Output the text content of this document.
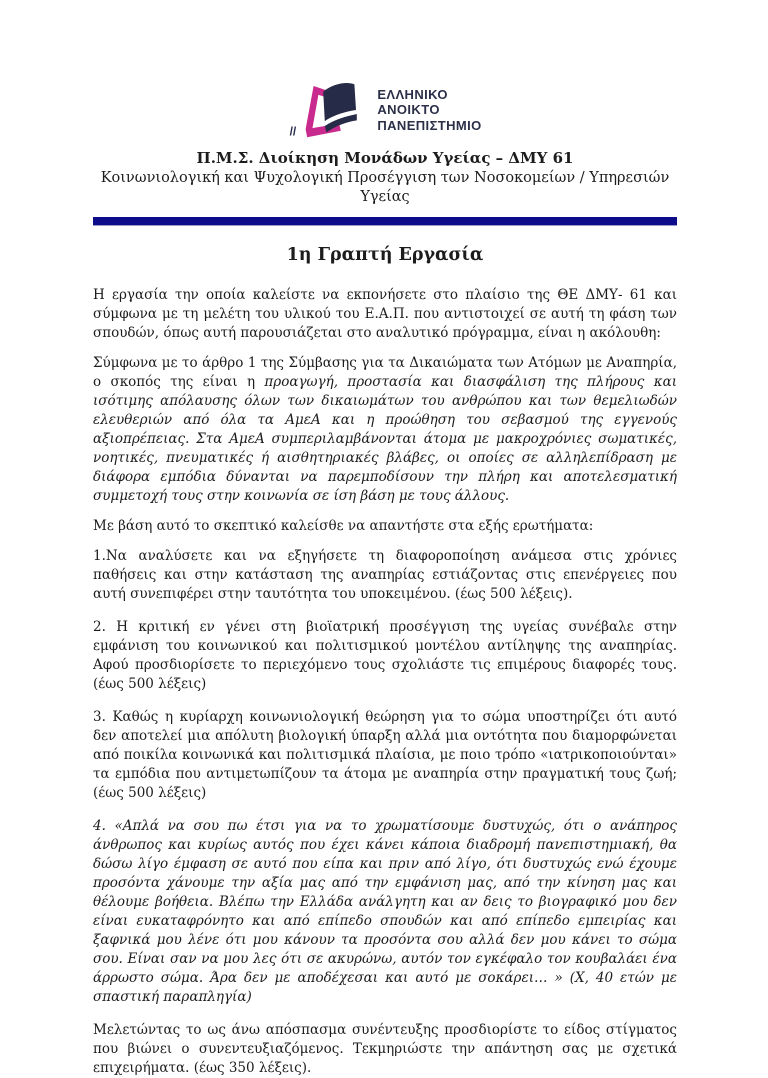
//
ΕΛΛΗΝΙΚΟ
ΑΝΟΙΚΤΟ
ΠΑΝΕΠΙΣΤΗΜΙΟ
Π.Μ.Σ. Διοίκηση Μονάδων Υγείας – ΔΜΥ 61
Κοινωνιολογική και Ψυχολογική Προσέγγιση των Νοσοκομείων / Υπηρεσιών Υγείας
1η Γραπτή Εργασία

Η εργασία την οποία καλείστε να εκπονήσετε στο πλαίσιο της ΘΕ ΔΜΥ- 61 και σύμφωνα με τη μελέτη του υλικού του Ε.Α.Π. που αντιστοιχεί σε αυτή τη φάση των σπουδών, όπως αυτή παρουσιάζεται στο αναλυτικό πρόγραμμα, είναι η ακόλουθη:

Σύμφωνα με το άρθρο 1 της Σύμβασης για τα Δικαιώματα των Ατόμων με Αναπηρία, ο σκοπός της είναι η προαγωγή, προστασία και διασφάλιση της πλήρους και ισότιμης απόλαυσης όλων των δικαιωμάτων του ανθρώπου και των θεμελιωδών ελευθεριών από όλα τα ΑμεΑ και η προώθηση του σεβασμού της εγγενούς αξιοπρέπειας. Στα ΑμεΑ συμπεριλαμβάνονται άτομα με μακροχρόνιες σωματικές, νοητικές, πνευματικές ή αισθητηριακές βλάβες, οι οποίες σε αλληλεπίδραση με διάφορα εμπόδια δύνανται να παρεμποδίσουν την πλήρη και αποτελεσματική συμμετοχή τους στην κοινωνία σε ίση βάση με τους άλλους.

Με βάση αυτό το σκεπτικό καλείσθε να απαντήστε στα εξής ερωτήματα:

1.Να αναλύσετε και να εξηγήσετε τη διαφοροποίηση ανάμεσα στις χρόνιες παθήσεις και στην κατάσταση της αναπηρίας εστιάζοντας στις επενέργειες που αυτή συνεπιφέρει στην ταυτότητα του υποκειμένου. (έως 500 λέξεις).

2. Η κριτική εν γένει στη βιοϊατρική προσέγγιση της υγείας συνέβαλε στην εμφάνιση του κοινωνικού και πολιτισμικού μοντέλου αντίληψης της αναπηρίας. Αφού προσδιορίσετε το περιεχόμενο τους σχολιάστε τις επιμέρους διαφορές τους. (έως 500 λέξεις)

3. Καθώς η κυρίαρχη κοινωνιολογική θεώρηση για το σώμα υποστηρίζει ότι αυτό δεν αποτελεί μια απόλυτη βιολογική ύπαρξη αλλά μια οντότητα που διαμορφώνεται από ποικίλα κοινωνικά και πολιτισμικά πλαίσια, με ποιο τρόπο «ιατρικοποιούνται» τα εμπόδια που αντιμετωπίζουν τα άτομα με αναπηρία στην πραγματική τους ζωή; (έως 500 λέξεις)

4. «Απλά να σου πω έτσι για να το χρωματίσουμε δυστυχώς, ότι ο ανάπηρος άνθρωπος και κυρίως αυτός που έχει κάνει κάποια διαδρομή πανεπιστημιακή, θα δώσω λίγο έμφαση σε αυτό που είπα και πριν από λίγο, ότι δυστυχώς ενώ έχουμε προσόντα χάνουμε την αξία μας από την εμφάνιση μας, από την κίνηση μας και θέλουμε βοήθεια. Βλέπω την Ελλάδα ανάλγητη και αν δεις το βιογραφικό μου δεν είναι ευκαταφρόνητο και από επίπεδο σπουδών και από επίπεδο εμπειρίας και ξαφνικά μου λένε ότι μου κάνουν τα προσόντα σου αλλά δεν μου κάνει το σώμα σου. Είναι σαν να μου λες ότι σε ακυρώνω, αυτόν τον εγκέφαλο τον κουβαλάει ένα άρρωστο σώμα. Άρα δεν με αποδέχεσαι και αυτό με σοκάρει… » (Χ, 40 ετών με σπαστική παραπληγία)

Μελετώντας το ως άνω απόσπασμα συνέντευξης προσδιορίστε το είδος στίγματος που βιώνει ο συνεντευξιαζόμενος. Τεκμηριώστε την απάντηση σας με σχετικά επιχειρήματα. (έως 350 λέξεις).
